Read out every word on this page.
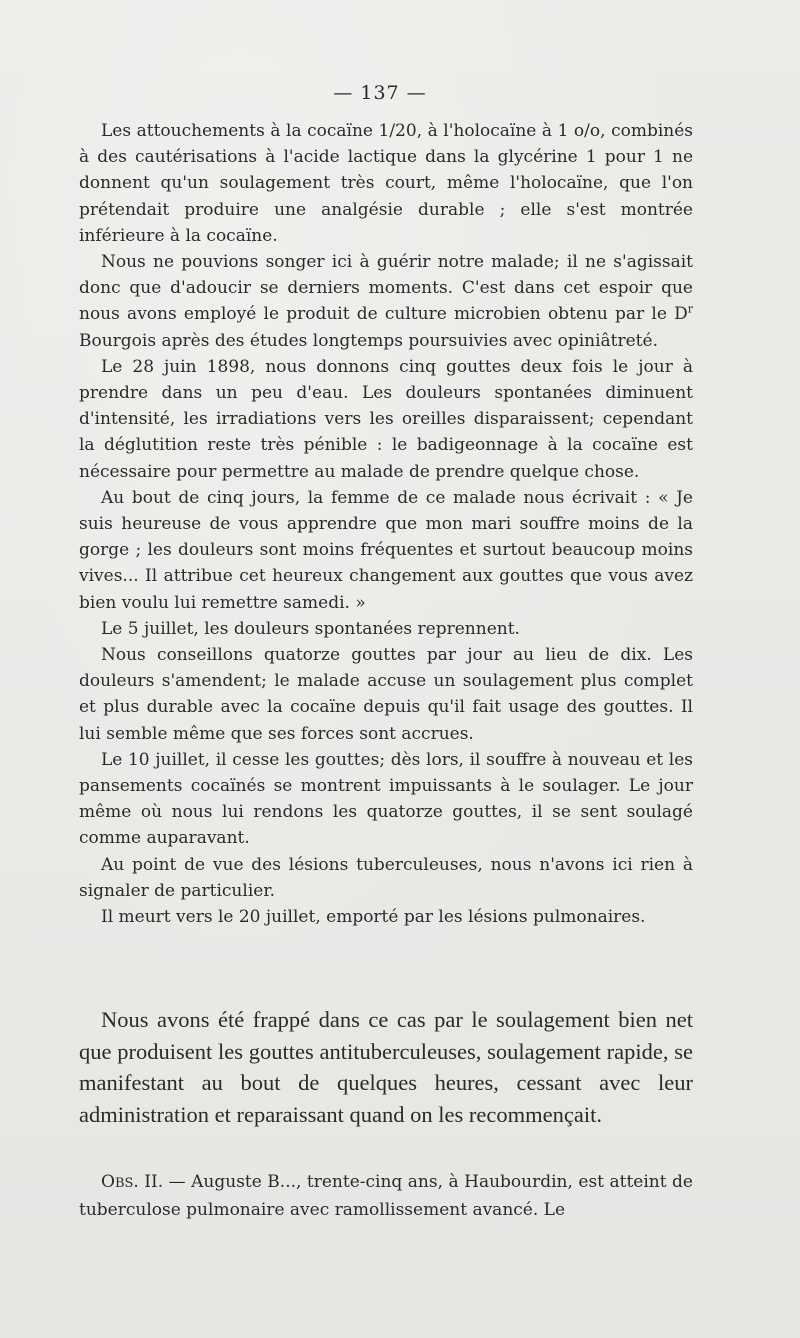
— 137 —

Les attouchements à la cocaïne 1/20, à l'holocaïne à 1 o/o, combinés à des cautérisations à l'acide lactique dans la glycérine 1 pour 1 ne donnent qu'un soulagement très court, même l'holocaïne, que l'on prétendait produire une analgésie durable ; elle s'est montrée inférieure à la cocaïne.

Nous ne pouvions songer ici à guérir notre malade; il ne s'agissait donc que d'adoucir se derniers moments. C'est dans cet espoir que nous avons employé le produit de culture microbien obtenu par le $D^r$ Bourgois après des études longtemps poursuivies avec opiniâtreté.

Le 28 juin 1898, nous donnons cinq gouttes deux fois le jour à prendre dans un peu d'eau. Les douleurs spontanées diminuent d'intensité, les irradiations vers les oreilles disparaissent; cependant la déglutition reste très pénible : le badigeonnage à la cocaïne est nécessaire pour permettre au malade de prendre quelque chose.

Au bout de cinq jours, la femme de ce malade nous écrivait : « Je suis heureuse de vous apprendre que mon mari souffre moins de la gorge ; les douleurs sont moins fréquentes et surtout beaucoup moins vives... Il attribue cet heureux changement aux gouttes que vous avez bien voulu lui remettre samedi. »

Le 5 juillet, les douleurs spontanées reprennent.

Nous conseillons quatorze gouttes par jour au lieu de dix. Les douleurs s'amendent; le malade accuse un soulagement plus complet et plus durable avec la cocaïne depuis qu'il fait usage des gouttes. Il lui semble même que ses forces sont accrues.

Le 10 juillet, il cesse les gouttes; dès lors, il souffre à nouveau et les pansements cocaïnés se montrent impuissants à le soulager. Le jour même où nous lui rendons les quatorze gouttes, il se sent soulagé comme auparavant.

Au point de vue des lésions tuberculeuses, nous n'avons ici rien à signaler de particulier.

Il meurt vers le 20 juillet, emporté par les lésions pulmonaires.

Nous avons été frappé dans ce cas par le soulagement bien net que produisent les gouttes antituberculeuses, soulagement rapide, se manifestant au bout de quelques heures, cessant avec leur administration et reparaissant quand on les recommençait.

OBS. II. — Auguste B..., trente-cinq ans, à Haubourdin, est atteint de tuberculose pulmonaire avec ramollissement avancé. Le
